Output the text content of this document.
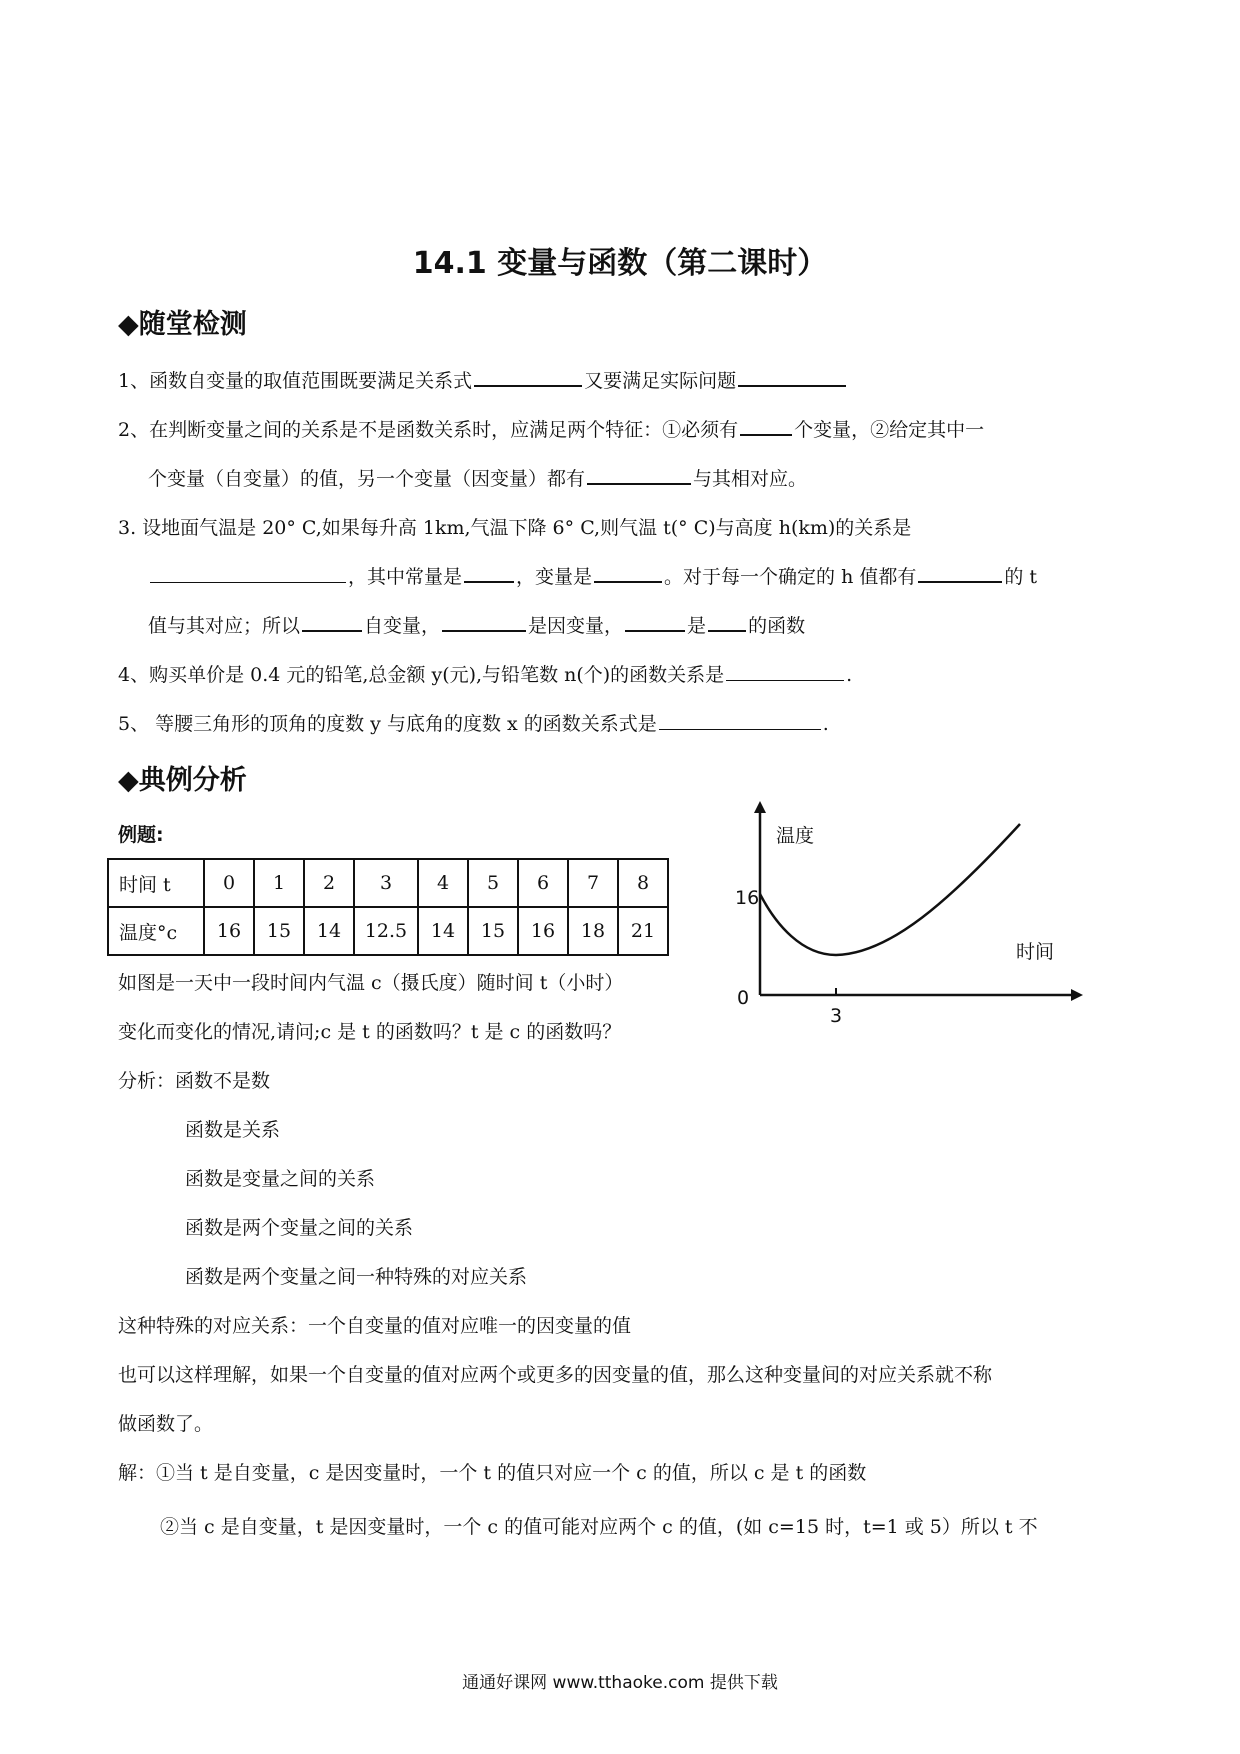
14.1 变量与函数（第二课时）
◆随堂检测
1、函数自变量的取值范围既要满足关系式	又要满足实际问题
2、在判断变量之间的关系是不是函数关系时，应满足两个特征：①必须有	个变量，②给定其中一
个变量（自变量）的值，另一个变量（因变量）都有	与其相对应。
3. 设地面气温是 20° C,如果每升高 1km,气温下降 6° C,则气温 t(° C)与高度 h(km)的关系是
，其中常量是	，变量是	。对于每一个确定的 h 值都有	的 t
值与其对应；所以	自变量，	是因变量，	是 的函数
4、购买单价是 0.4 元的铅笔,总金额 y(元),与铅笔数 n(个)的函数关系是	.
5、 等腰三角形的顶角的度数 y 与底角的度数 x 的函数关系式是	.
◆典例分析
例题:
时间 t	0	1	2	3	4	5	6	7	8
温度°c	16	15	14	12.5	14	15	16	18	21
温度
时间
16
0
3
如图是一天中一段时间内气温 c（摄氏度）随时间 t（小时）
变化而变化的情况,请问;c 是 t 的函数吗？t 是 c 的函数吗？
分析：函数不是数
函数是关系
函数是变量之间的关系
函数是两个变量之间的关系
函数是两个变量之间一种特殊的对应关系
这种特殊的对应关系：一个自变量的值对应唯一的因变量的值
也可以这样理解，如果一个自变量的值对应两个或更多的因变量的值，那么这种变量间的对应关系就不称
做函数了。
解：①当 t 是自变量，c 是因变量时，一个 t 的值只对应一个 c 的值，所以 c 是 t 的函数
②当 c 是自变量，t 是因变量时，一个 c 的值可能对应两个 c 的值，(如 c=15 时，t=1 或 5）所以 t 不
通通好课网 www.tthaoke.com 提供下载
